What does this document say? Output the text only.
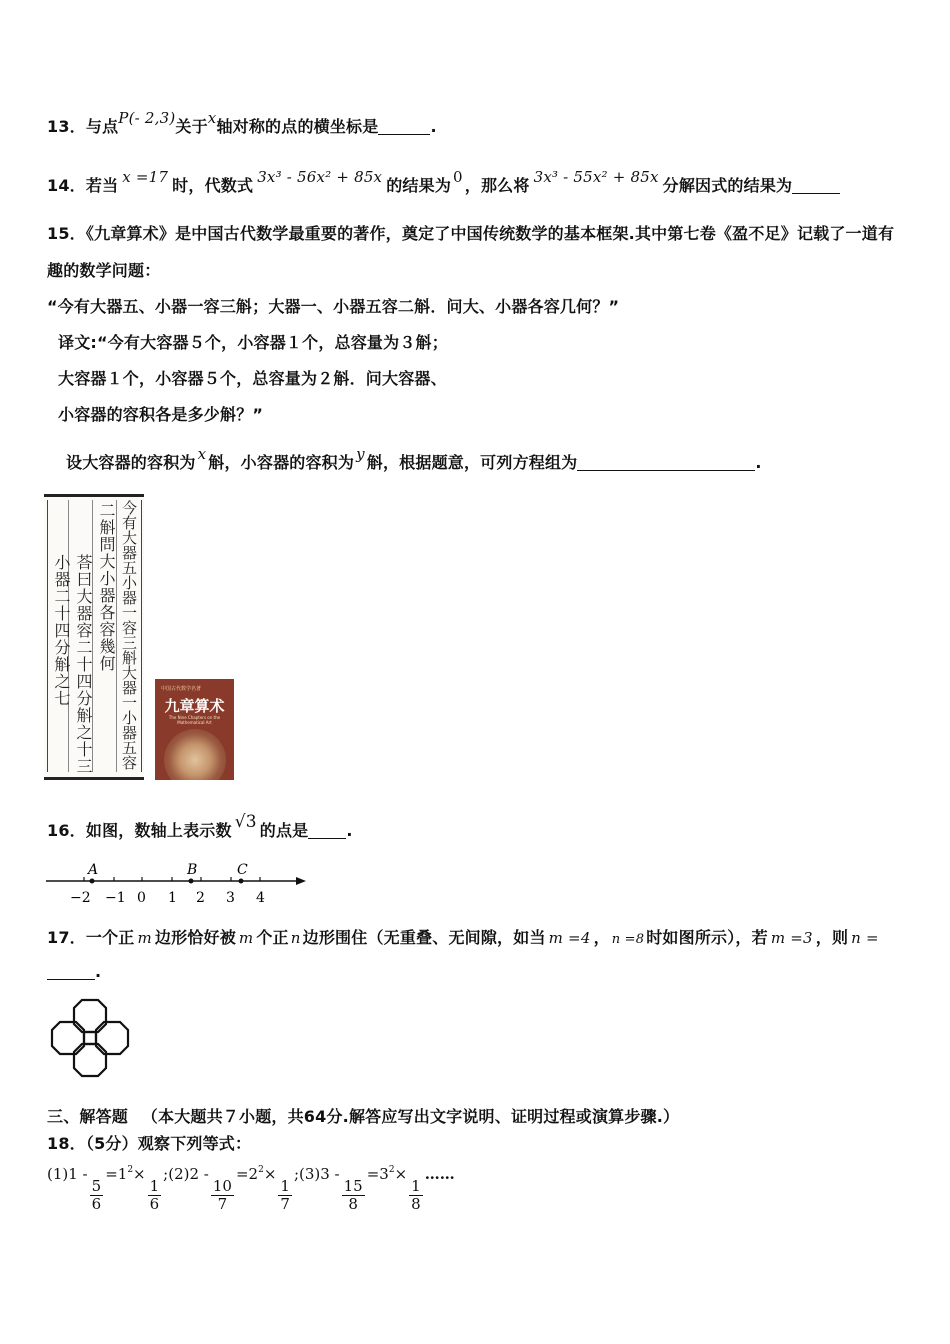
13．与点P(- 2,3)关于x轴对称的点的横坐标是	.
14．若当 x =17 时，代数式 3x³ - 56x² + 85x 的结果为 0 ，那么将 3x³ - 55x² + 85x 分解因式的结果为
15．《九章算术》是中国古代数学最重要的著作，奠定了中国传统数学的基本框架.其中第七卷《盈不足》记载了一道有
趣的数学问题：
“今有大器五、小器一容三斛；大器一、小器五容二斛．问大、小器各容几何？”
译文:“今有大容器５个，小容器１个，总容量为３斛；
大容器１个，小容器５个，总容量为２斛．问大容器、
小容器的容积各是多少斛？”
设大容器的容积为 x 斛，小容器的容积为 y 斛，根据题意，可列方程组为	.
今有大器五小器一容三斛大器一小器五容
二斛問大小器各容幾何
荅曰大器容二十四分斛之十三
小器二十四分斛之七	中国古代数学名著
九章算术
The Nine Chapters on the Mathematical Art
16．如图，数轴上表示数 √3 的点是 .
A	B	C
−2 −1 0 1 2 3 4
17．一个正 m 边形恰好被 m 个正 n 边形围住（无重叠、无间隙，如当 m =4 ， n =8 时如图所示），若 m =3 ，则 n =
.
三、解答题 （本大题共７小题，共64分.解答应写出文字说明、证明过程或演算步骤.）
18．（5分）观察下列等式：
(1)1 -
$\frac{5}{6}$
$=1^2\times$
$\frac{1}{6}$
;(2)2 -
$\frac{10}{7}$
$=2^2\times$
$\frac{1}{7}$
;(3)3 -
$\frac{15}{8}$
$=3^2\times$
$\frac{1}{8}$
……
